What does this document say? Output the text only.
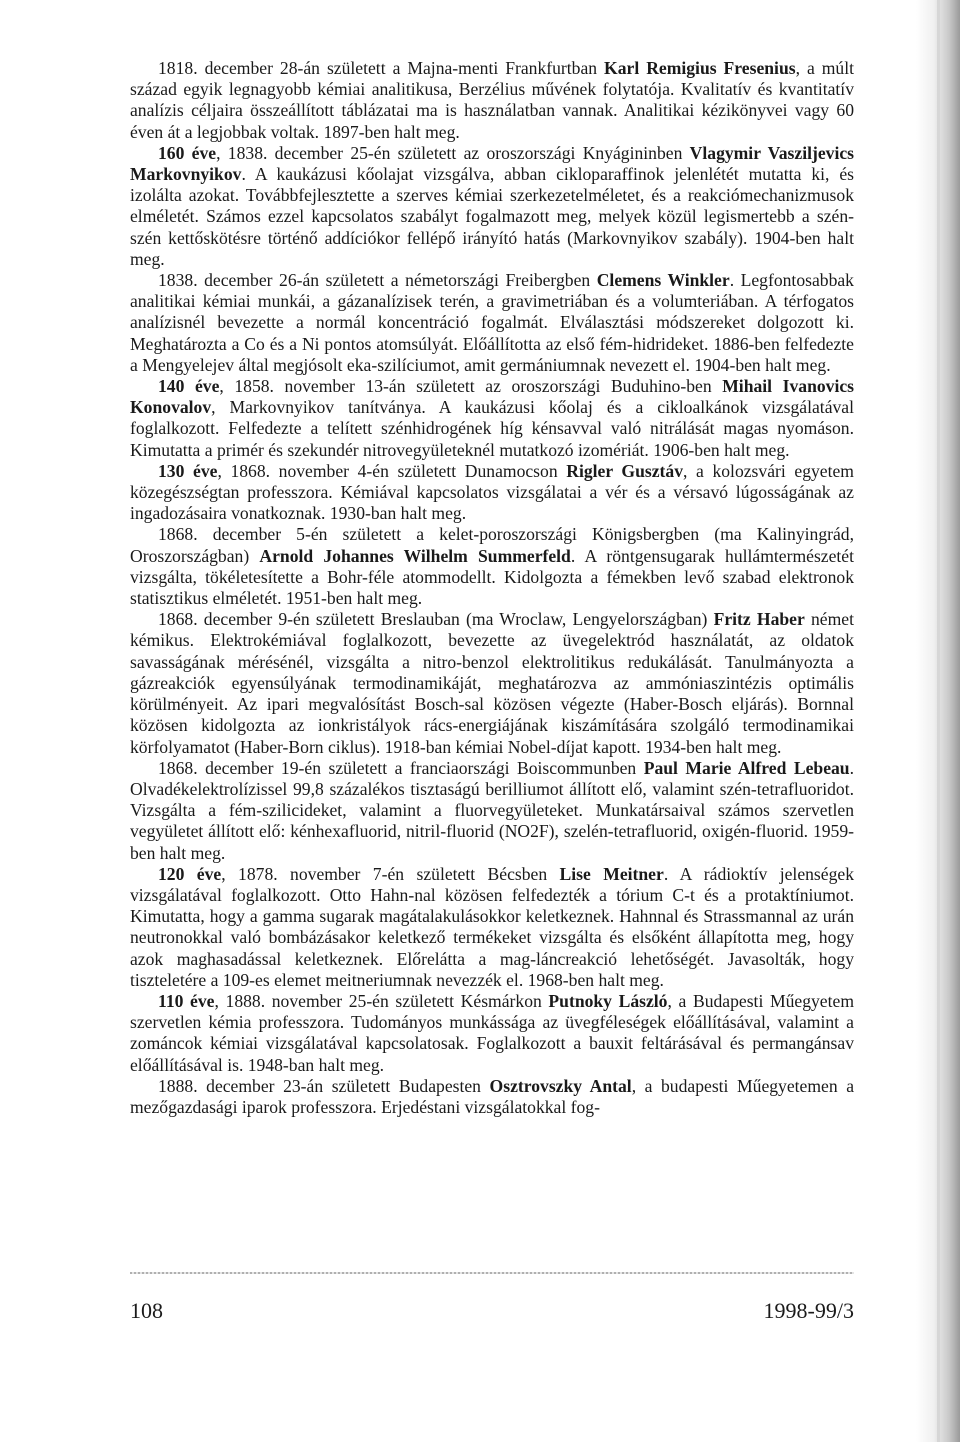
1818. december 28-án született a Majna-menti Frankfurtban Karl Remigius Fresenius, a múlt század egyik legnagyobb kémiai analitikusa, Berzélius művének folytatója. Kvalitatív és kvantitatív analízis céljaira összeállított táblázatai ma is használatban vannak. Analitikai kézikönyvei vagy 60 éven át a legjobbak voltak. 1897-ben halt meg.

160 éve, 1838. december 25-én született az oroszországi Knyágininben Vlagymir Vasziljevics Markovnyikov. A kaukázusi kőolajat vizsgálva, abban cikloparaffinok jelenlétét mutatta ki, és izolálta azokat. Továbbfejlesztette a szerves kémiai szerkezetelméletet, és a reakciómechanizmusok elméletét. Számos ezzel kapcsolatos szabályt fogalmazott meg, melyek közül legismertebb a szén-szén kettőskötésre történő addíciókor fellépő irányító hatás (Markovnyikov szabály). 1904-ben halt meg.

1838. december 26-án született a németországi Freibergben Clemens Winkler. Legfontosabbak analitikai kémiai munkái, a gázanalízisek terén, a gravimetriában és a volumteriában. A térfogatos analízisnél bevezette a normál koncentráció fogalmát. Elválasztási módszereket dolgozott ki. Meghatározta a Co és a Ni pontos atomsúlyát. Előállította az első fém-hidrideket. 1886-ben felfedezte a Mengyelejev által megjósolt eka-szilíciumot, amit germániumnak nevezett el. 1904-ben halt meg.

140 éve, 1858. november 13-án született az oroszországi Buduhino-ben Mihail Ivanovics Konovalov, Markovnyikov tanítványa. A kaukázusi kőolaj és a cikloalkánok vizsgálatával foglalkozott. Felfedezte a telített szénhidrogének híg kénsavval való nitrálását magas nyomáson. Kimutatta a primér és szekundér nitrovegyületeknél mutatkozó izomériát. 1906-ben halt meg.

130 éve, 1868. november 4-én született Dunamocson Rigler Gusztáv, a kolozsvári egyetem közegészségtan professzora. Kémiával kapcsolatos vizsgálatai a vér és a vérsavó lúgosságának az ingadozásaira vonatkoznak. 1930-ban halt meg.

1868. december 5-én született a kelet-poroszországi Königsbergben (ma Kalinyingrád, Oroszországban) Arnold Johannes Wilhelm Summerfeld. A röntgensugarak hullámtermészetét vizsgálta, tökéletesítette a Bohr-féle atommodellt. Kidolgozta a fémekben levő szabad elektronok statisztikus elméletét. 1951-ben halt meg.

1868. december 9-én született Breslauban (ma Wroclaw, Lengyelországban) Fritz Haber német kémikus. Elektrokémiával foglalkozott, bevezette az üvegelektród használatát, az oldatok savasságának mérésénél, vizsgálta a nitro-benzol elektrolitikus redukálását. Tanulmányozta a gázreakciók egyensúlyának termodinamikáját, meghatározva az ammóniaszintézis optimális körülményeit. Az ipari megvalósítást Bosch-sal közösen végezte (Haber-Bosch eljárás). Bornnal közösen kidolgozta az ionkristályok rács-energiájának kiszámítására szolgáló termodinamikai körfolyamatot (Haber-Born ciklus). 1918-ban kémiai Nobel-díjat kapott. 1934-ben halt meg.

1868. december 19-én született a franciaországi Boiscommunben Paul Marie Alfred Lebeau. Olvadékelektrolízissel 99,8 százalékos tisztaságú berilliumot állított elő, valamint szén-tetrafluoridot. Vizsgálta a fém-szilicideket, valamint a fluorvegyületeket. Munkatársaival számos szervetlen vegyületet állított elő: kénhexafluorid, nitril-fluorid (NO2F), szelén-tetrafluorid, oxigén-fluorid. 1959-ben halt meg.

120 éve, 1878. november 7-én született Bécsben Lise Meitner. A rádioktív jelenségek vizsgálatával foglalkozott. Otto Hahn-nal közösen felfedezték a tórium C-t és a protaktíniumot. Kimutatta, hogy a gamma sugarak magátalakulásokkor keletkeznek. Hahnnal és Strassmannal az urán neutronokkal való bombázásakor keletkező termékeket vizsgálta és elsőként állapította meg, hogy azok maghasadással keletkeznek. Előrelátta a mag-láncreakció lehetőségét. Javasolták, hogy tiszteletére a 109-es elemet meitneriumnak nevezzék el. 1968-ben halt meg.

110 éve, 1888. november 25-én született Késmárkon Putnoky László, a Budapesti Műegyetem szervetlen kémia professzora. Tudományos munkássága az üvegféleségek előállításával, valamint a zománcok kémiai vizsgálatával kapcsolatosak. Foglalkozott a bauxit feltárásával és permangánsav előállításával is. 1948-ban halt meg.

1888. december 23-án született Budapesten Osztrovszky Antal, a budapesti Műegyetemen a mezőgazdasági iparok professzora. Erjedéstani vizsgálatokkal fog-

108	1998-99/3
